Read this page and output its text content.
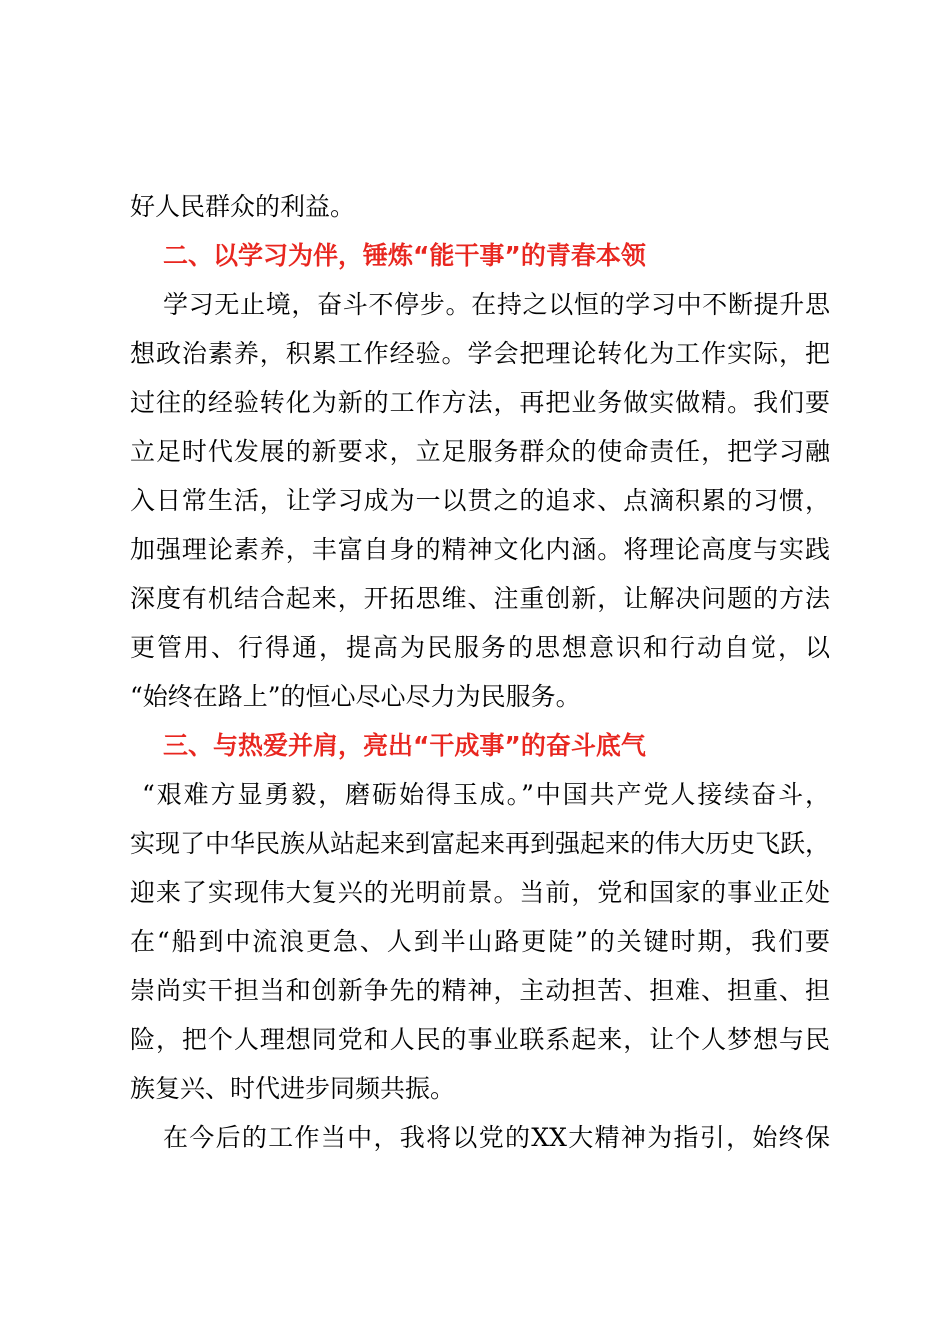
好人民群众的利益。
二、以学习为伴，锤炼“能干事”的青春本领
学习无止境，奋斗不停步。在持之以恒的学习中不断提升思
想政治素养，积累工作经验。学会把理论转化为工作实际，把
过往的经验转化为新的工作方法，再把业务做实做精。我们要
立足时代发展的新要求，立足服务群众的使命责任，把学习融
入日常生活，让学习成为一以贯之的追求、点滴积累的习惯，
加强理论素养，丰富自身的精神文化内涵。将理论高度与实践
深度有机结合起来，开拓思维、注重创新，让解决问题的方法
更管用、行得通，提高为民服务的思想意识和行动自觉，以
“始终在路上”的恒心尽心尽力为民服务。
三、与热爱并肩，亮出“干成事”的奋斗底气
“艰难方显勇毅，磨砺始得玉成。”中国共产党人接续奋斗，
实现了中华民族从站起来到富起来再到强起来的伟大历史飞跃，
迎来了实现伟大复兴的光明前景。当前，党和国家的事业正处
在“船到中流浪更急、人到半山路更陡”的关键时期，我们要
崇尚实干担当和创新争先的精神，主动担苦、担难、担重、担
险，把个人理想同党和人民的事业联系起来，让个人梦想与民
族复兴、时代进步同频共振。
在今后的工作当中，我将以党的XX大精神为指引，始终保
